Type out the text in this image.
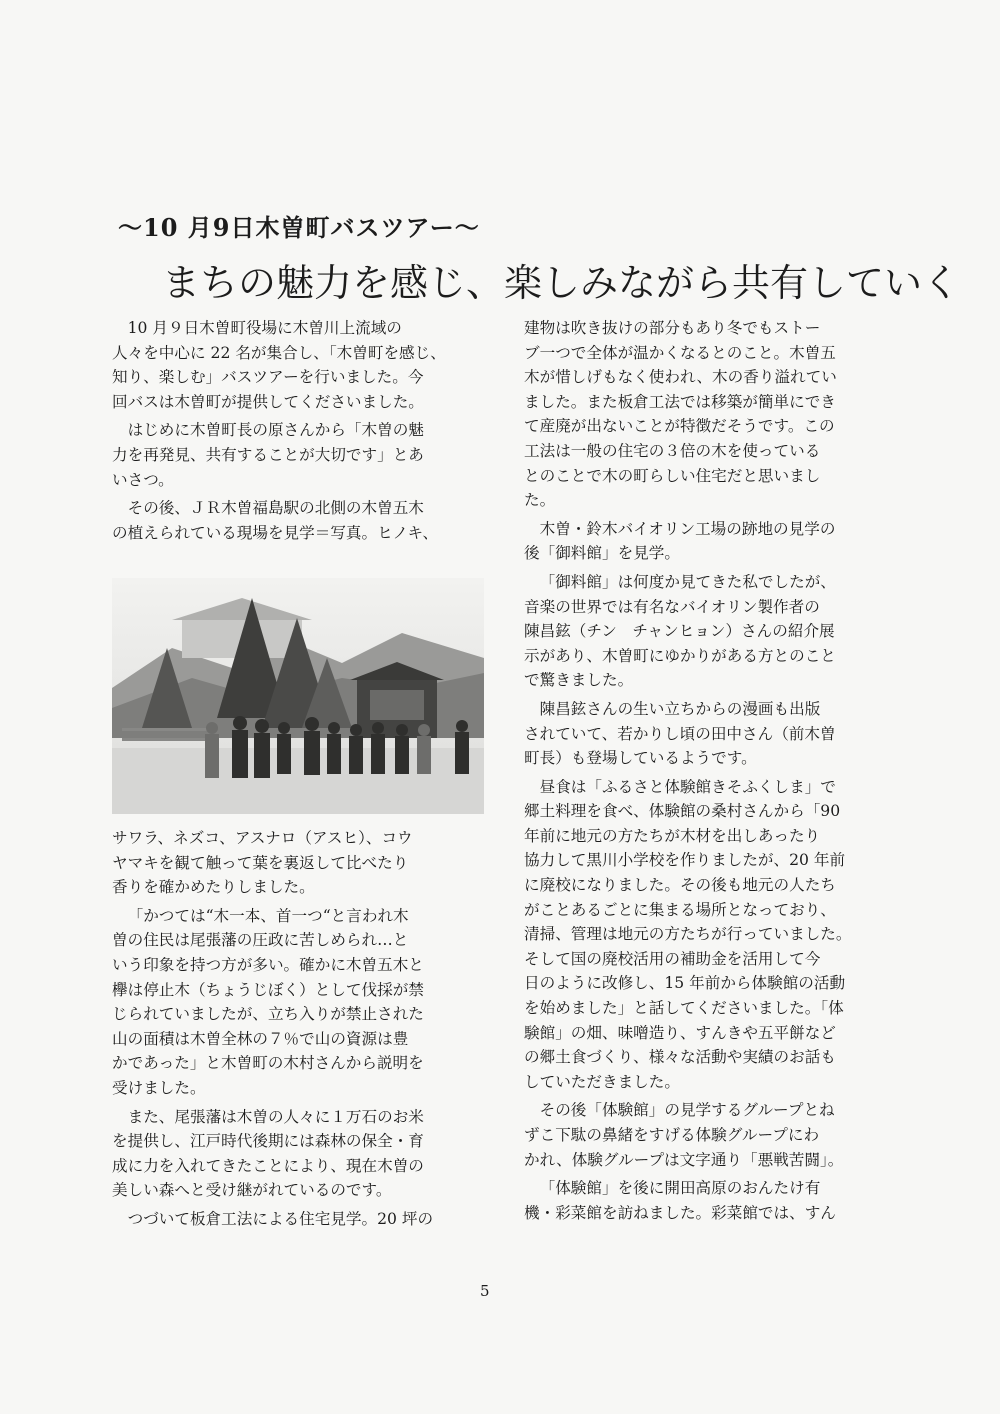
～10 月9日木曽町バスツアー～
まちの魅力を感じ、楽しみながら共有していく

10 月９日木曽町役場に木曽川上流域の
人々を中心に 22 名が集合し、「木曽町を感じ、
知り、楽しむ」バスツアーを行いました。今
回バスは木曽町が提供してくださいました。

はじめに木曽町長の原さんから「木曽の魅
力を再発見、共有することが大切です」とあ
いさつ。

その後、ＪＲ木曽福島駅の北側の木曽五木
の植えられている現場を見学＝写真。ヒノキ、

サワラ、ネズコ、アスナロ（アスヒ）、コウ
ヤマキを観て触って葉を裏返して比べたり
香りを確かめたりしました。

「かつては“木一本、首一つ“と言われ木
曽の住民は尾張藩の圧政に苦しめられ…と
いう印象を持つ方が多い。確かに木曽五木と
欅は停止木（ちょうじぼく）として伐採が禁
じられていましたが、立ち入りが禁止された
山の面積は木曽全林の７％で山の資源は豊
かであった」と木曽町の木村さんから説明を
受けました。

また、尾張藩は木曽の人々に１万石のお米
を提供し、江戸時代後期には森林の保全・育
成に力を入れてきたことにより、現在木曽の
美しい森へと受け継がれているのです。

つづいて板倉工法による住宅見学。20 坪の

建物は吹き抜けの部分もあり冬でもストー
ブ一つで全体が温かくなるとのこと。木曽五
木が惜しげもなく使われ、木の香り溢れてい
ました。また板倉工法では移築が簡単にでき
て産廃が出ないことが特徴だそうです。この
工法は一般の住宅の３倍の木を使っている
とのことで木の町らしい住宅だと思いまし
た。

木曽・鈴木バイオリン工場の跡地の見学の
後「御料館」を見学。

「御料館」は何度か見てきた私でしたが、
音楽の世界では有名なバイオリン製作者の
陳昌鉉（チン　チャンヒョン）さんの紹介展
示があり、木曽町にゆかりがある方とのこと
で驚きました。

陳昌鉉さんの生い立ちからの漫画も出版
されていて、若かりし頃の田中さん（前木曽
町長）も登場しているようです。

昼食は「ふるさと体験館きそふくしま」で
郷土料理を食べ、体験館の桑村さんから「90
年前に地元の方たちが木材を出しあったり
協力して黒川小学校を作りましたが、20 年前
に廃校になりました。その後も地元の人たち
がことあるごとに集まる場所となっており、
清掃、管理は地元の方たちが行っていました。
そして国の廃校活用の補助金を活用して今
日のように改修し、15 年前から体験館の活動
を始めました」と話してくださいました。「体
験館」の畑、味噌造り、すんきや五平餅など
の郷土食づくり、様々な活動や実績のお話も
していただきました。

その後「体験館」の見学するグループとね
ずこ下駄の鼻緒をすげる体験グループにわ
かれ、体験グループは文字通り「悪戦苦闘」。

「体験館」を後に開田高原のおんたけ有
機・彩菜館を訪ねました。彩菜館では、すん

5
